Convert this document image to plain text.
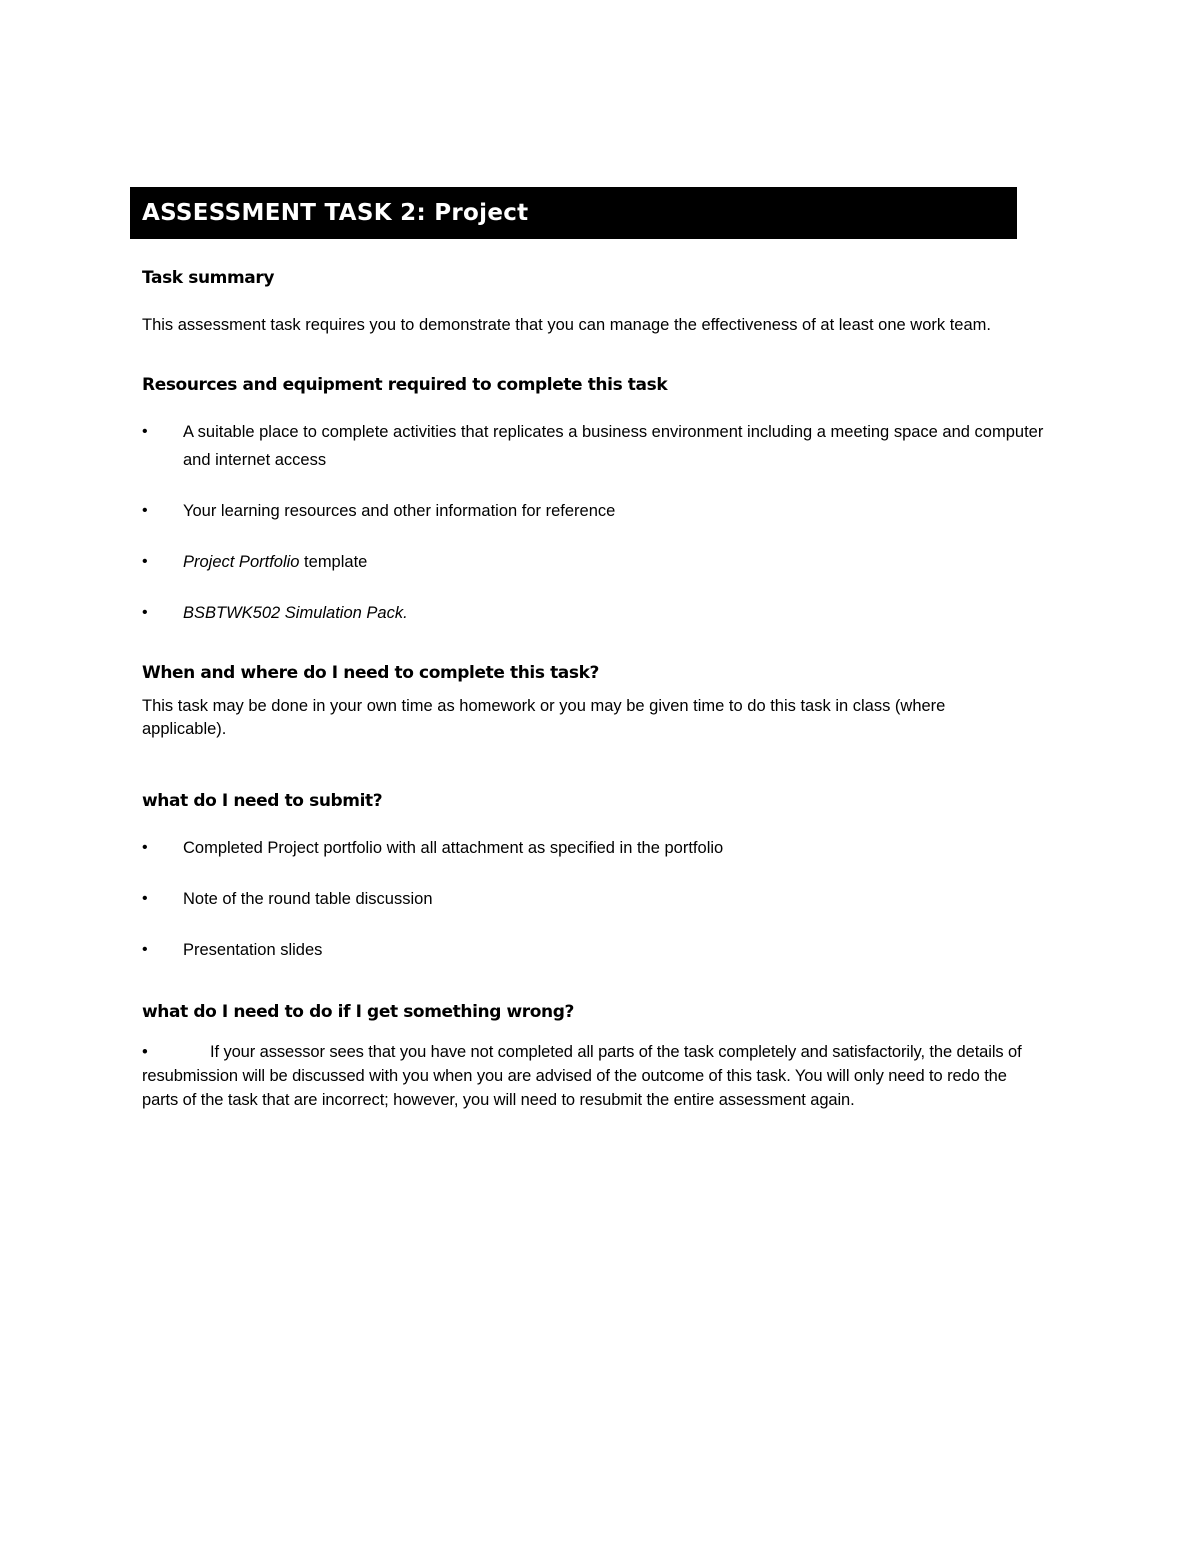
ASSESSMENT TASK 2: Project
Task summary

This assessment task requires you to demonstrate that you can manage the effectiveness of at least one work team.

Resources and equipment required to complete this task
• A suitable place to complete activities that replicates a business environment including a meeting space and computer and internet access
• Your learning resources and other information for reference
• Project Portfolio template
• BSBTWK502 Simulation Pack.
When and where do I need to complete this task?

This task may be done in your own time as homework or you may be given time to do this task in class (where applicable).

what do I need to submit?
• Completed Project portfolio with all attachment as specified in the portfolio
• Note of the round table discussion
• Presentation slides
what do I need to do if I get something wrong?

•	If your assessor sees that you have not completed all parts of the task completely and satisfactorily, the details of resubmission will be discussed with you when you are advised of the outcome of this task. You will only need to redo the parts of the task that are incorrect; however, you will need to resubmit the entire assessment again.
